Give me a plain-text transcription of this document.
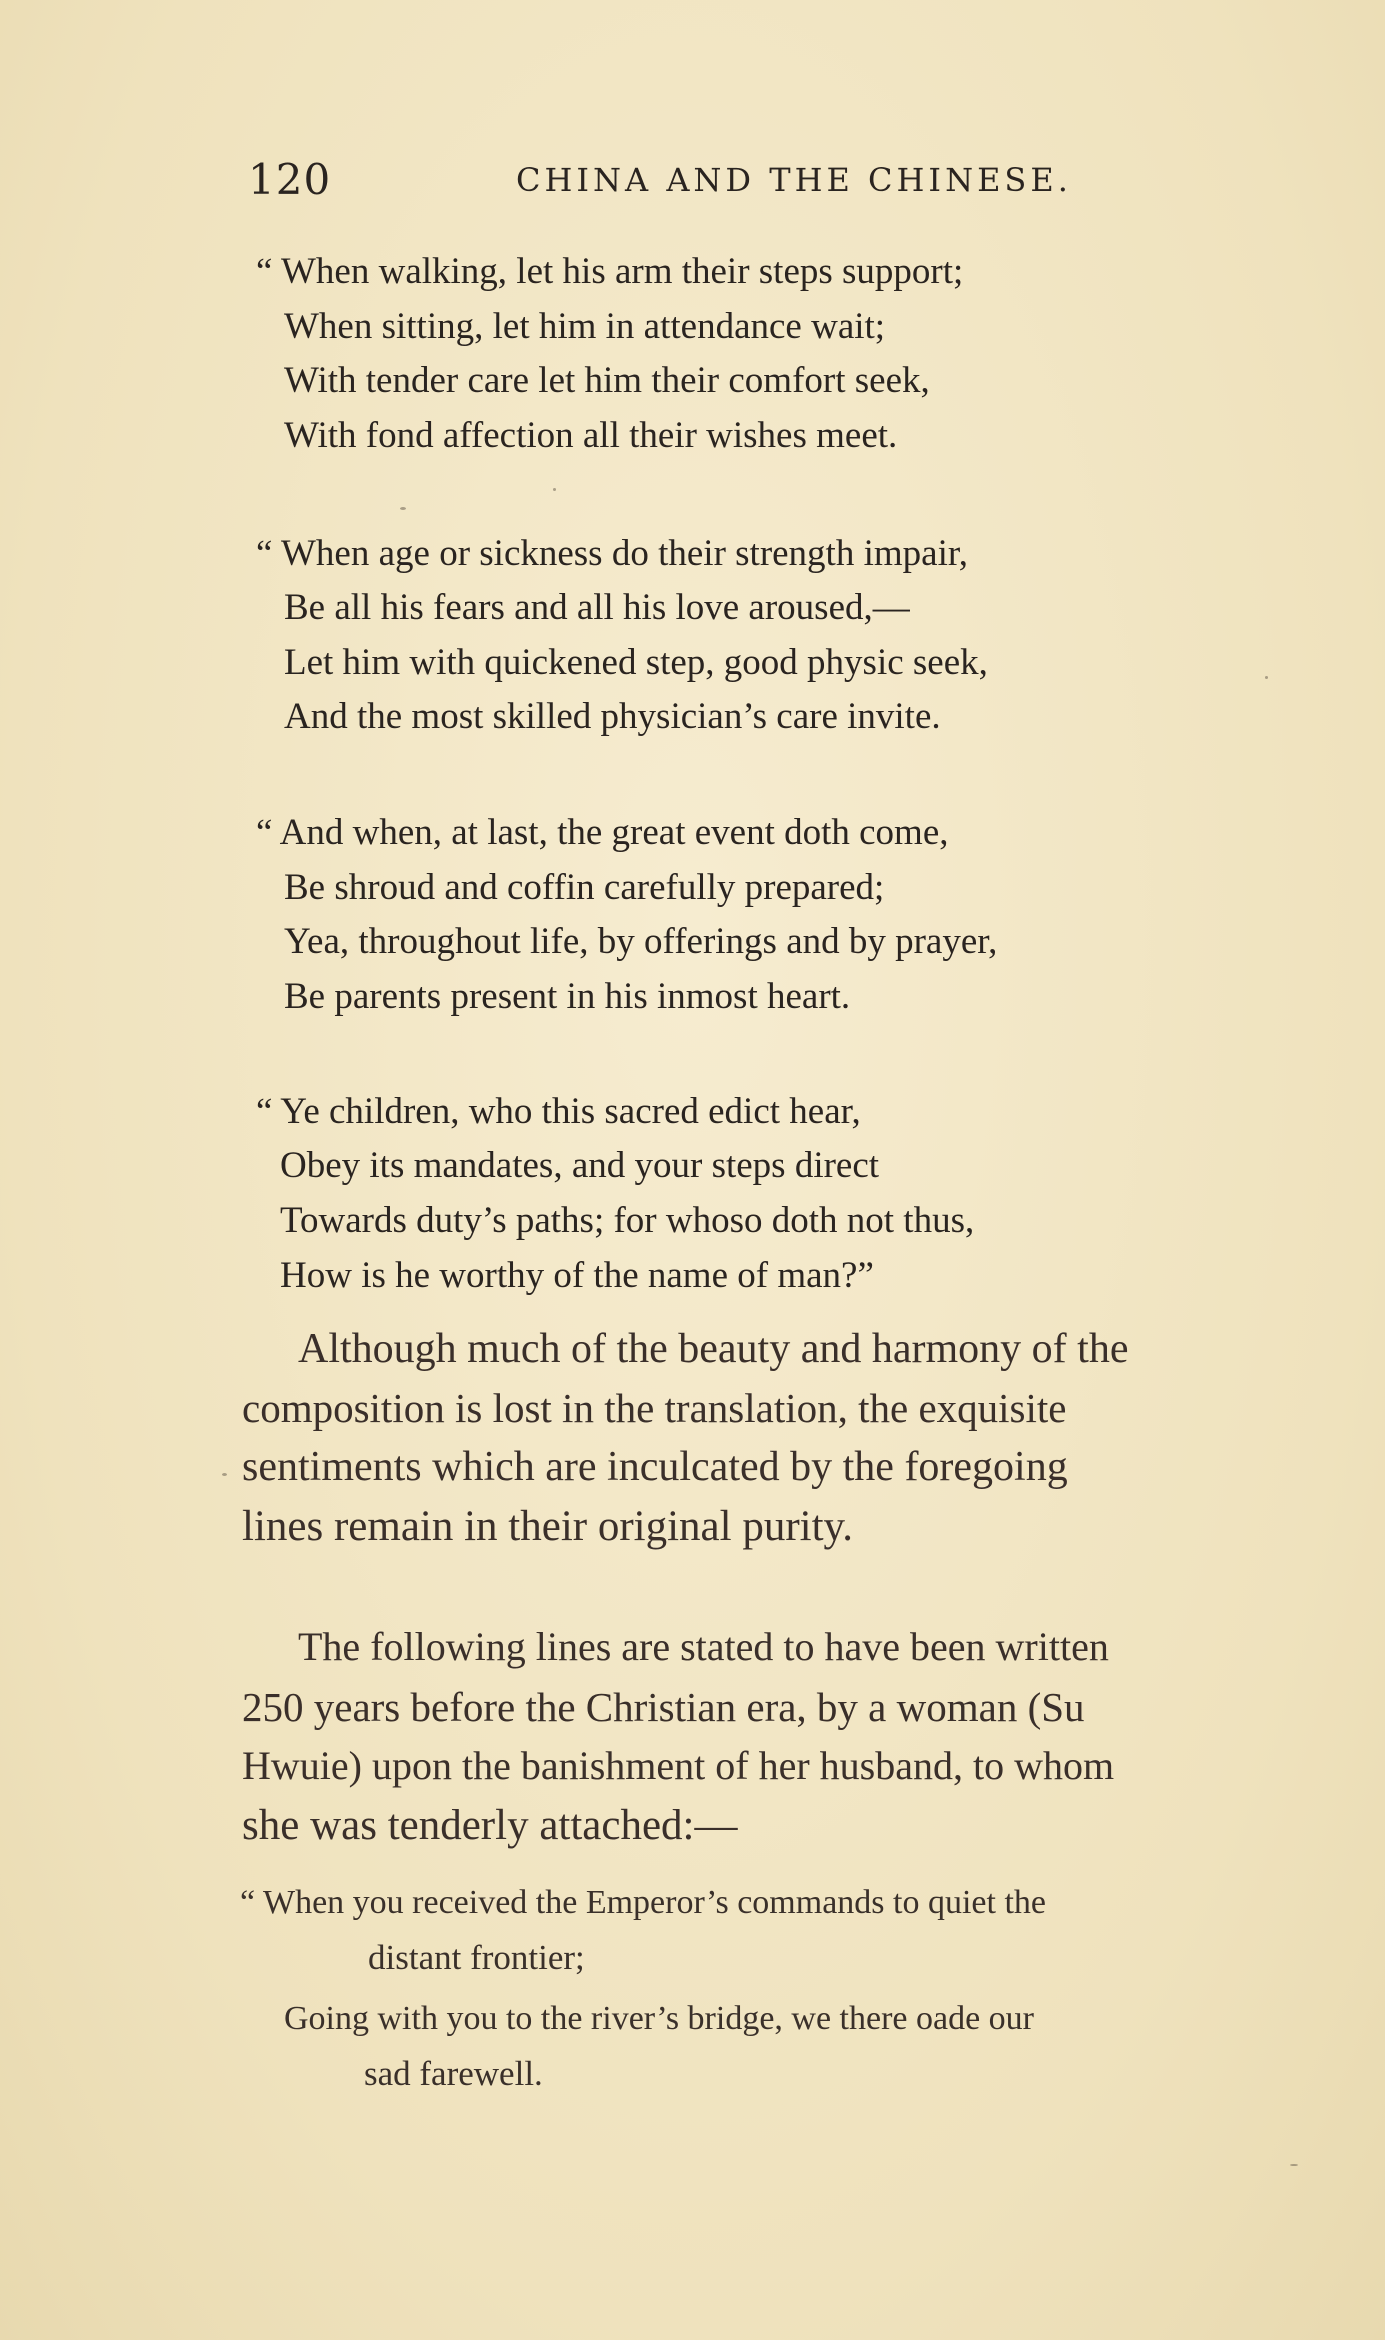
120	CHINA AND THE CHINESE.
“ When walking, let his arm their steps support;
When sitting, let him in attendance wait;
With tender care let him their comfort seek,
With fond affection all their wishes meet.
“ When age or sickness do their strength impair,
Be all his fears and all his love aroused,—
Let him with quickened step, good physic seek,
And the most skilled physician’s care invite.
“ And when, at last, the great event doth come,
Be shroud and coffin carefully prepared;
Yea, throughout life, by offerings and by prayer,
Be parents present in his inmost heart.
“ Ye children, who this sacred edict hear,
Obey its mandates, and your steps direct
Towards duty’s paths; for whoso doth not thus,
How is he worthy of the name of man?”
Although much of the beauty and harmony of the
composition is lost in the translation, the exquisite
sentiments which are inculcated by the foregoing
lines remain in their original purity.
The following lines are stated to have been written
250 years before the Christian era, by a woman (Su
Hwuie) upon the banishment of her husband, to whom
she was tenderly attached:—
“ When you received the Emperor’s commands to quiet the
distant frontier;
Going with you to the river’s bridge, we there oade our
sad farewell.
